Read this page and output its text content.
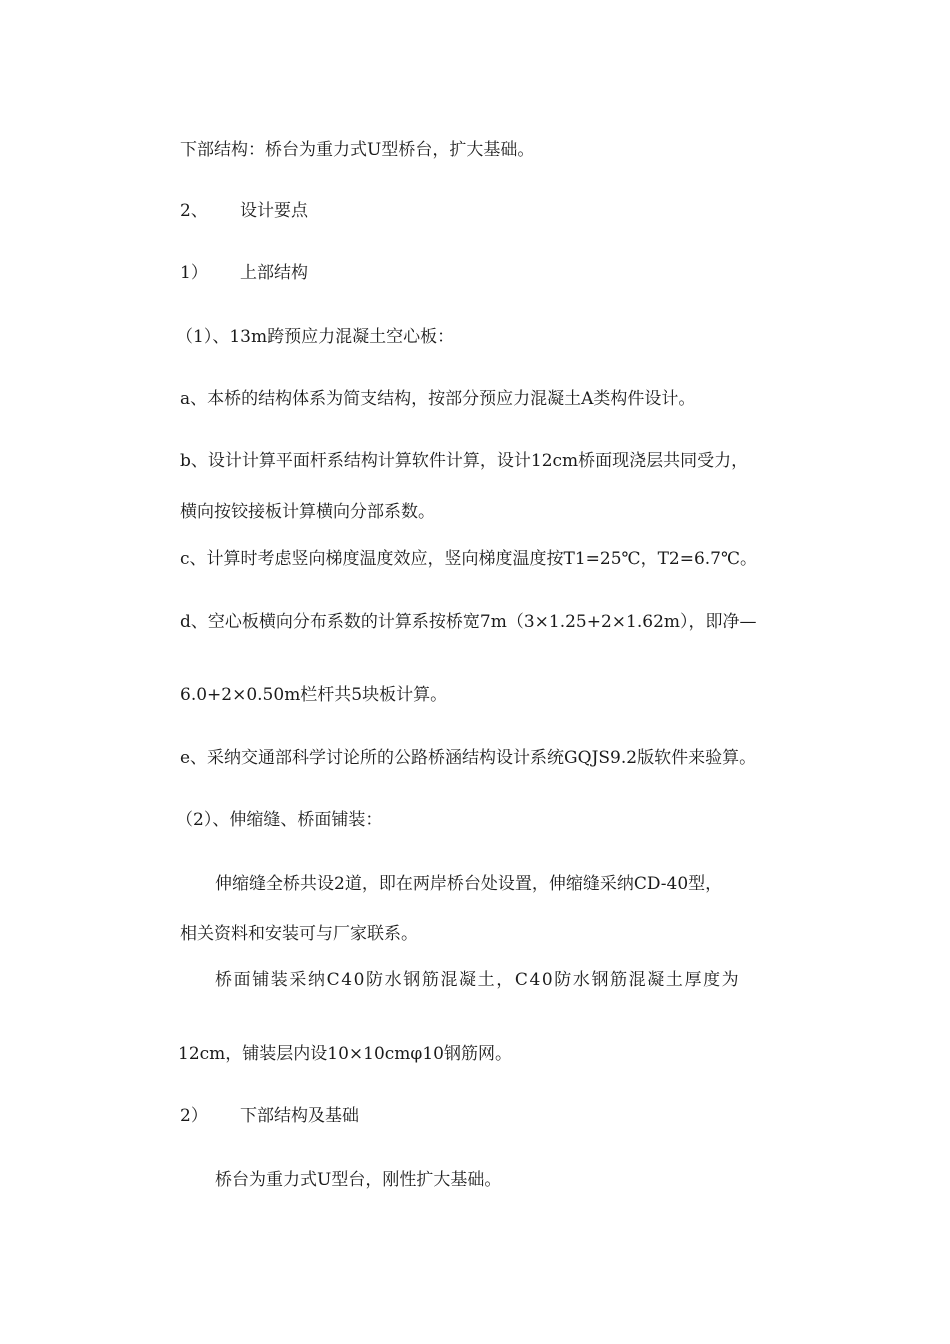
下部结构：桥台为重力式U型桥台，扩大基础。
2、 设计要点
1） 上部结构
（1）、13m跨预应力混凝土空心板：
a、本桥的结构体系为简支结构，按部分预应力混凝土A类构件设计。
b、设计计算平面杆系结构计算软件计算，设计12cm桥面现浇层共同受力，
横向按铰接板计算横向分部系数。
c、计算时考虑竖向梯度温度效应，竖向梯度温度按T1=25℃，T2=6.7℃。
d、空心板横向分布系数的计算系按桥宽7m（3×1.25+2×1.62m），即净—
6.0+2×0.50m栏杆共5块板计算。
e、采纳交通部科学讨论所的公路桥涵结构设计系统GQJS9.2版软件来验算。
（2）、伸缩缝、桥面铺装：
伸缩缝全桥共设2道，即在两岸桥台处设置，伸缩缝采纳CD-40型，
相关资料和安装可与厂家联系。
桥面铺装采纳C40防水钢筋混凝土，C40防水钢筋混凝土厚度为
12cm，铺装层内设10×10cmφ10钢筋网。
2） 下部结构及基础
桥台为重力式U型台，刚性扩大基础。
